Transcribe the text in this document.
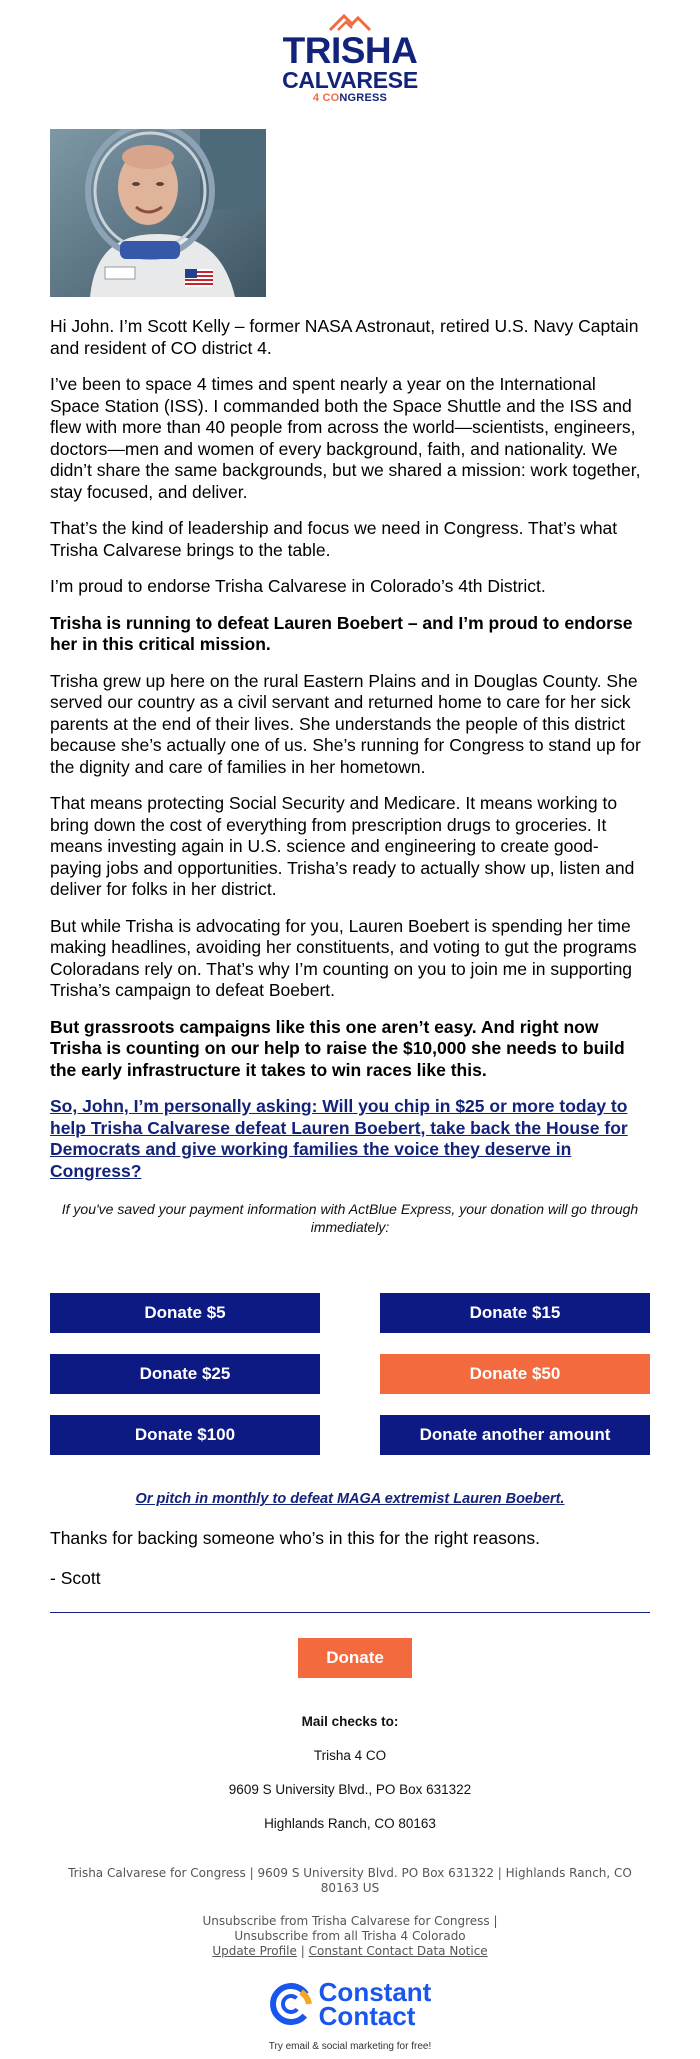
TRISHA
CALVARESE
4 CONGRESS

Hi John. I’m Scott Kelly – former NASA Astronaut, retired U.S. Navy Captain and resident of CO district 4.

I’ve been to space 4 times and spent nearly a year on the International Space Station (ISS). I commanded both the Space Shuttle and the ISS and flew with more than 40 people from across the world—scientists, engineers, doctors—men and women of every background, faith, and nationality. We didn’t share the same backgrounds, but we shared a mission: work together, stay focused, and deliver.

That’s the kind of leadership and focus we need in Congress. That’s what Trisha Calvarese brings to the table.

I’m proud to endorse Trisha Calvarese in Colorado’s 4th District.

Trisha is running to defeat Lauren Boebert – and I’m proud to endorse her in this critical mission.

Trisha grew up here on the rural Eastern Plains and in Douglas County. She served our country as a civil servant and returned home to care for her sick parents at the end of their lives. She understands the people of this district because she’s actually one of us. She’s running for Congress to stand up for the dignity and care of families in her hometown.

That means protecting Social Security and Medicare. It means working to bring down the cost of everything from prescription drugs to groceries. It means investing again in U.S. science and engineering to create good-paying jobs and opportunities. Trisha’s ready to actually show up, listen and deliver for folks in her district.

But while Trisha is advocating for you, Lauren Boebert is spending her time making headlines, avoiding her constituents, and voting to gut the programs Coloradans rely on. That’s why I’m counting on you to join me in supporting Trisha’s campaign to defeat Boebert.

But grassroots campaigns like this one aren’t easy. And right now Trisha is counting on our help to raise the $10,000 she needs to build the early infrastructure it takes to win races like this.

So, John, I’m personally asking: Will you chip in $25 or more today to help Trisha Calvarese defeat Lauren Boebert, take back the House for Democrats and give working families the voice they deserve in Congress?
If you've saved your payment information with ActBlue Express, your donation will go through immediately:
Donate $5	Donate $15
Donate $25	Donate $50
Donate $100	Donate another amount
Or pitch in monthly to defeat MAGA extremist Lauren Boebert.
Thanks for backing someone who’s in this for the right reasons.
- Scott
Donate
Mail checks to:
Trisha 4 CO
9609 S University Blvd., PO Box 631322
Highlands Ranch, CO 80163
Trisha Calvarese for Congress | 9609 S University Blvd. PO Box 631322 | Highlands Ranch, CO 80163 US
Unsubscribe from Trisha Calvarese for Congress |
Unsubscribe from all Trisha 4 Colorado
Update Profile | Constant Contact Data Notice
Constant
Contact
Try email & social marketing for free!
